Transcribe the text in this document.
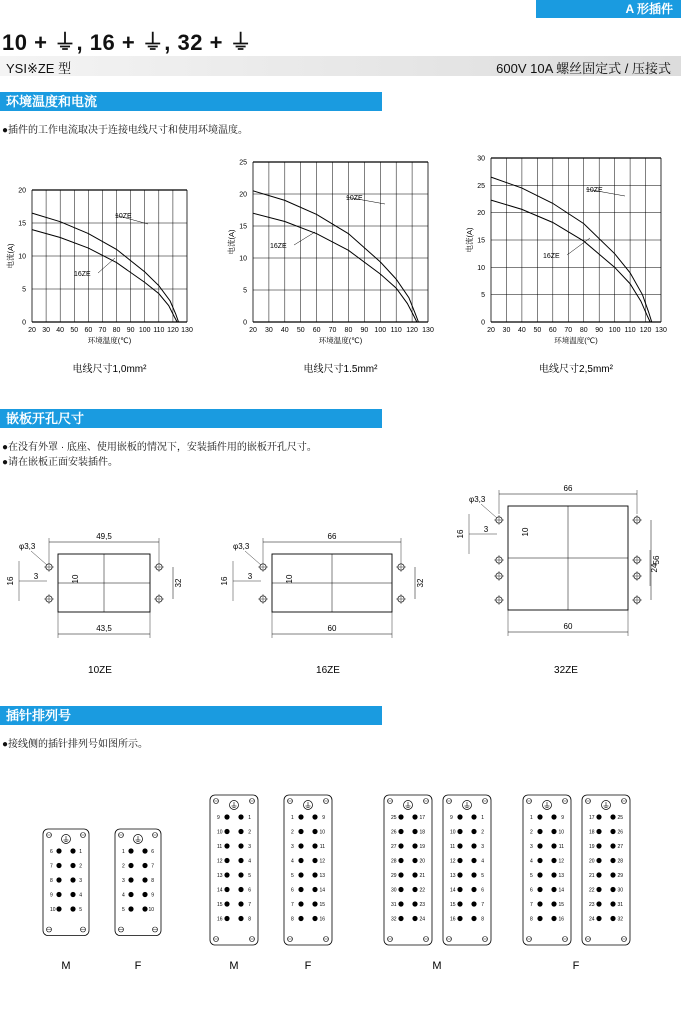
A 形插件
10 + ⏚, 16 + ⏚, 32 + ⏚
YSI※ZE 型	600V 10A 螺丝固定式 / 压接式
环境温度和电流
●插件的工作电流取决于连接电线尺寸和使用环境温度。
20 30 40 50 60 70 80 90 100 110 120 130
0
5
10
15
20
环境温度(℃)
电流(A)
10ZE
16ZE
电线尺寸1,0mm²
20 30 40 50 60 70 80 90 100 110 120 130
0
5
10
15
20
25
环境温度(℃)
电流(A)
10ZE
16ZE
电线尺寸1.5mm²
20 30 40 50 60 70 80 90 100 110 120 130
0
5
10
15
20
25
30
环境温度(℃)
电流(A)
10ZE
16ZE
电线尺寸2,5mm²
嵌板开孔尺寸
●在没有外罩 · 底座、使用嵌板的情况下，安装插件用的嵌板开孔尺寸。
●请在嵌板正面安装插件。
49,5
43,5
32
φ3,3
3	10
16
10ZE
66
60
32
φ3,3
3	10
16
16ZE
66
60
56
24
φ3,3
3	10
16
32ZE
插针排列号
●接线侧的插针排列号如图所示。
6	1
7	2
8	3
9	4
10	5
M
1	6
2	7
3	8
4	9
5	10
F
9	1
10	2
11	3
12	4
13	5
14	6
15	7
16	8
M
1	9
2	10
3	11
4	12
5	13
6	14
7	15
8	16
F
25	17
26	18
27	19
28	20
29	21
30	22
31	23
32	24
9	1
10	2
11	3
12	4
13	5
14	6
15	7
16	8
M
1	9
2	10
3	11
4	12
5	13
6	14
7	15
8	16
17	25
18	26
19	27
20	28
21	29
22	30
23	31
24	32
F
